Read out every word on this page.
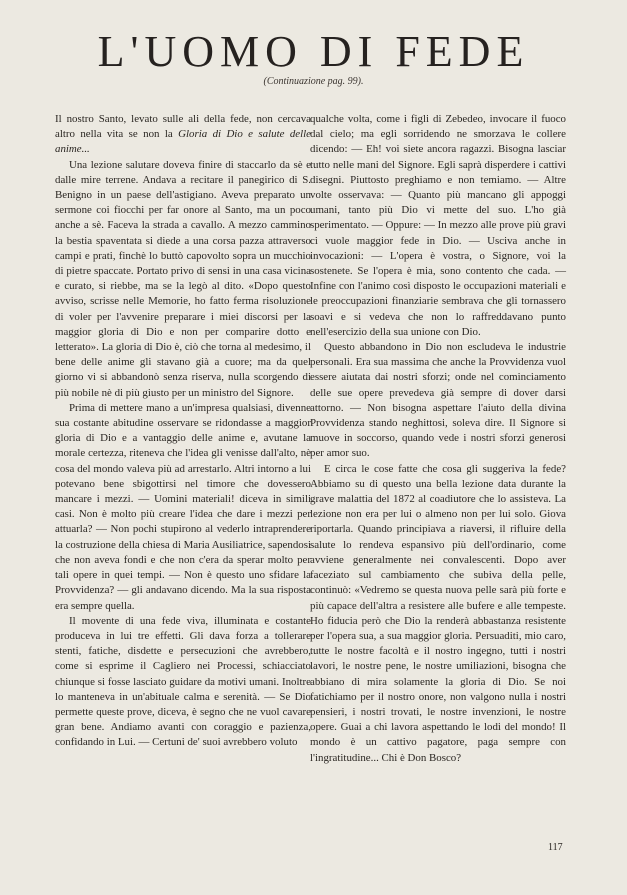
L'UOMO DI FEDE
(Continuazione pag. 99).

Il nostro Santo, levato sulle ali della fede, non cercava altro nella vita se non la Gloria di Dio e salute delle anime...

Una lezione salutare doveva finire di staccarlo da sè e dalle mire terrene. Andava a recitare il panegirico di S. Benigno in un paese dell'astigiano. Aveva preparato un sermone coi fiocchi per far onore al Santo, ma un poco anche a sè. Faceva la strada a cavallo. A mezzo cammino la bestia spaventata si diede a una corsa pazza attraverso campi e prati, finchè lo buttò capovolto sopra un mucchio di pietre spaccate. Portato privo di sensi in una casa vicina e curato, si riebbe, ma se la legò al dito. «Dopo questo avviso, scrisse nelle Memorie, ho fatto ferma risoluzione di voler per l'avvenire preparare i miei discorsi per la maggior gloria di Dio e non per comparire dotto e letterato». La gloria di Dio è, ciò che torna al medesimo, il bene delle anime gli stavano già a cuore; ma da quel giorno vi si abbandonò senza riserva, nulla scorgendo di più nobile nè di più giusto per un ministro del Signore.

Prima di mettere mano a un'impresa qualsiasi, divenne sua costante abitudine osservare se ridondasse a maggior gloria di Dio e a vantaggio delle anime e, avutane la morale certezza, riteneva che l'idea gli venisse dall'alto, nè cosa del mondo valeva più ad arrestarlo. Altri intorno a lui potevano bene sbigottirsi nel timore che dovessero mancare i mezzi. — Uomini materiali! diceva in simili casi. Non è molto più creare l'idea che dare i mezzi per attuarla? — Non pochi stupirono al vederlo intraprendere la costruzione della chiesa di Maria Ausiliatrice, sapendosi che non aveva fondi e che non c'era da sperar molto per tali opere in quei tempi. — Non è questo uno sfidare la Provvidenza? — gli andavano dicendo. Ma la sua risposta era sempre quella.

Il movente di una fede viva, illuminata e costante produceva in lui tre effetti. Gli dava forza a tollerare stenti, fatiche, disdette e persecuzioni che avrebbero, come si esprime il Cagliero nei Processi, schiacciato chiunque si fosse lasciato guidare da motivi umani. Inoltre lo manteneva in un'abituale calma e serenità. — Se Dio permette queste prove, diceva, è segno che ne vuol cavare gran bene. Andiamo avanti con coraggio e pazienza, confidando in Lui. — Certuni de' suoi avrebbero voluto

qualche volta, come i figli di Zebedeo, invocare il fuoco dal cielo; ma egli sorridendo ne smorzava le collere dicendo: — Eh! voi siete ancora ragazzi. Bisogna lasciar tutto nelle mani del Signore. Egli saprà disperdere i cattivi disegni. Piuttosto preghiamo e non temiamo. — Altre volte osservava: — Quanto più mancano gli appoggi umani, tanto più Dio vi mette del suo. L'ho già sperimentato. — Oppure: — In mezzo alle prove più gravi ci vuole maggior fede in Dio. — Usciva anche in invocazioni: — L'opera è vostra, o Signore, voi la sostenete. Se l'opera è mia, sono contento che cada. — Infine con l'animo così disposto le occupazioni materiali e le preoccupazioni finanziarie sembrava che gli tornassero soavi e si vedeva che non lo raffreddavano punto nell'esercizio della sua unione con Dio.

Questo abbandono in Dio non escludeva le industrie personali. Era sua massima che anche la Provvidenza vuol essere aiutata dai nostri sforzi; onde nel cominciamento delle sue opere prevedeva già sempre di dover darsi attorno. — Non bisogna aspettare l'aiuto della divina Provvidenza stando neghittosi, soleva dire. Il Signore si muove in soccorso, quando vede i nostri sforzi generosi per amor suo.

E circa le cose fatte che cosa gli suggeriva la fede? Abbiamo su di questo una bella lezione data durante la grave malattia del 1872 al coadiutore che lo assisteva. La lezione non era per lui o almeno non per lui solo. Giova riportarla. Quando principiava a riaversi, il rifluire della salute lo rendeva espansivo più dell'ordinario, come avviene generalmente nei convalescenti. Dopo aver faceziato sul cambiamento che subiva della pelle, continuò: «Vedremo se questa nuova pelle sarà più forte e più capace dell'altra a resistere alle bufere e alle tempeste. Ho fiducia però che Dio la renderà abbastanza resistente per l'opera sua, a sua maggior gloria. Persuaditi, mio caro, tutte le nostre facoltà e il nostro ingegno, tutti i nostri lavori, le nostre pene, le nostre umiliazioni, bisogna che abbiano di mira solamente la gloria di Dio. Se noi fatichiamo per il nostro onore, non valgono nulla i nostri pensieri, i nostri trovati, le nostre invenzioni, le nostre opere. Guai a chi lavora aspettando le lodi del mondo! Il mondo è un cattivo pagatore, paga sempre con l'ingratitudine... Chi è Don Bosco?

117
